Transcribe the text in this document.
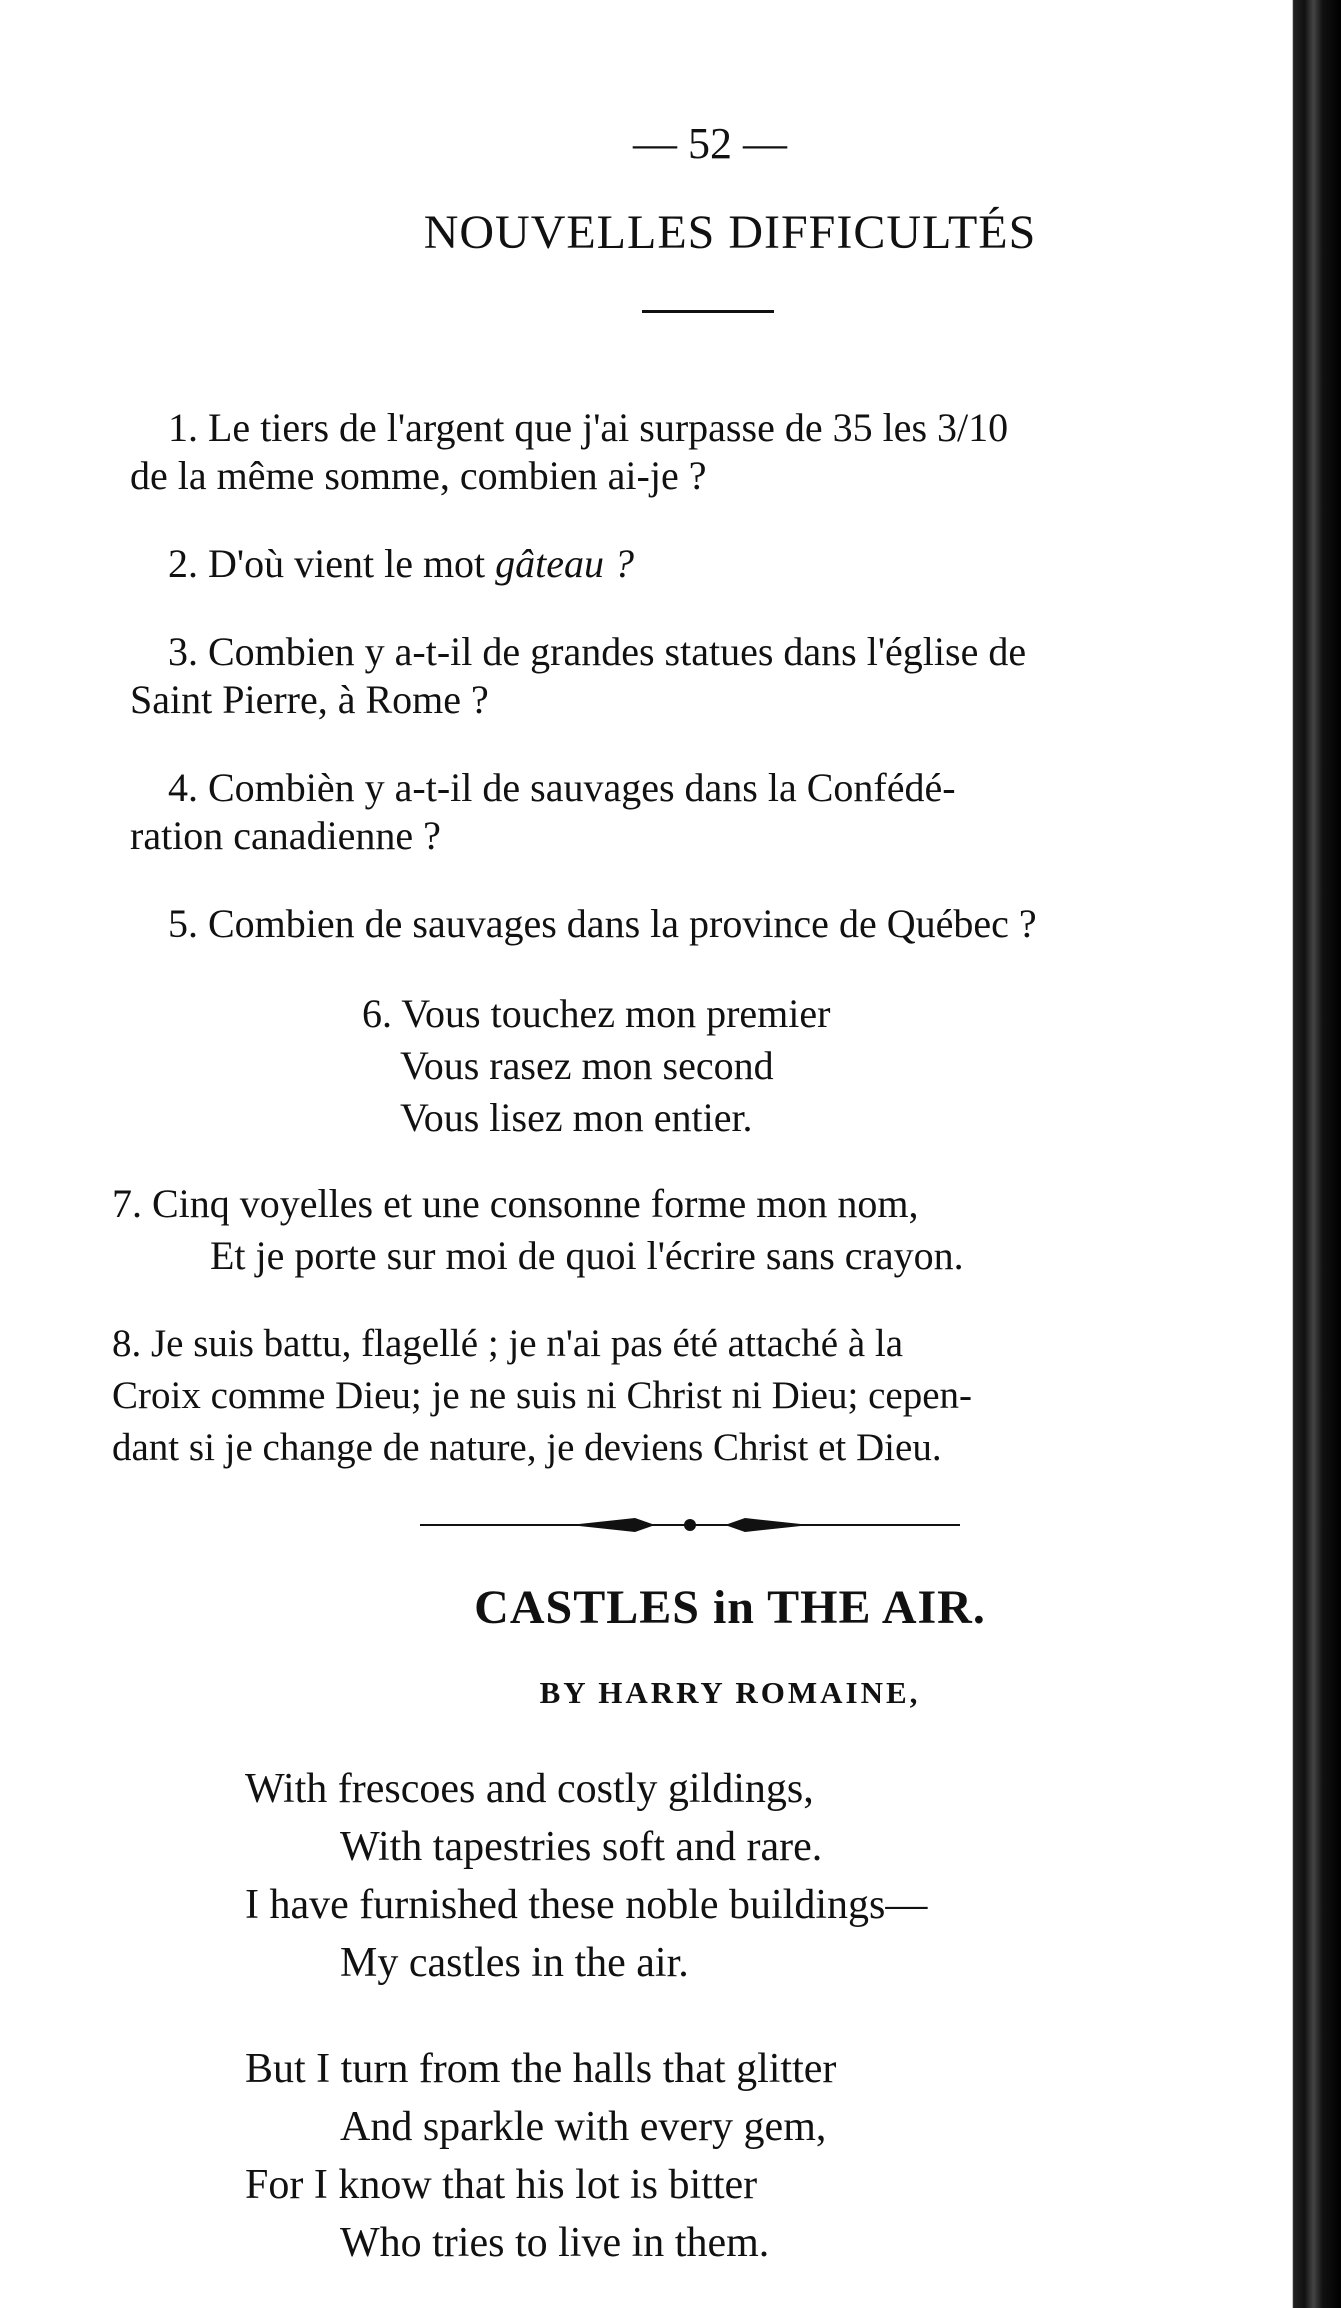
— 52 —
NOUVELLES DIFFICULTÉS
1. Le tiers de l'argent que j'ai surpasse de 35 les 3/10
de la même somme, combien ai-je ?
2. D'où vient le mot gâteau ?
3. Combien y a-t-il de grandes statues dans l'église de
Saint Pierre, à Rome ?
4. Combièn y a-t-il de sauvages dans la Confédé-
ration canadienne ?
5. Combien de sauvages dans la province de Québec ?
6. Vous touchez mon premier
Vous rasez mon second
Vous lisez mon entier.
7. Cinq voyelles et une consonne forme mon nom,
Et je porte sur moi de quoi l'écrire sans crayon.
8. Je suis battu, flagellé ; je n'ai pas été attaché à la
Croix comme Dieu; je ne suis ni Christ ni Dieu; cepen-
dant si je change de nature, je deviens Christ et Dieu.
CASTLES in THE AIR.
BY HARRY ROMAINE,
With frescoes and costly gildings,
With tapestries soft and rare.
I have furnished these noble buildings—
My castles in the air.
But I turn from the halls that glitter
And sparkle with every gem,
For I know that his lot is bitter
Who tries to live in them.
